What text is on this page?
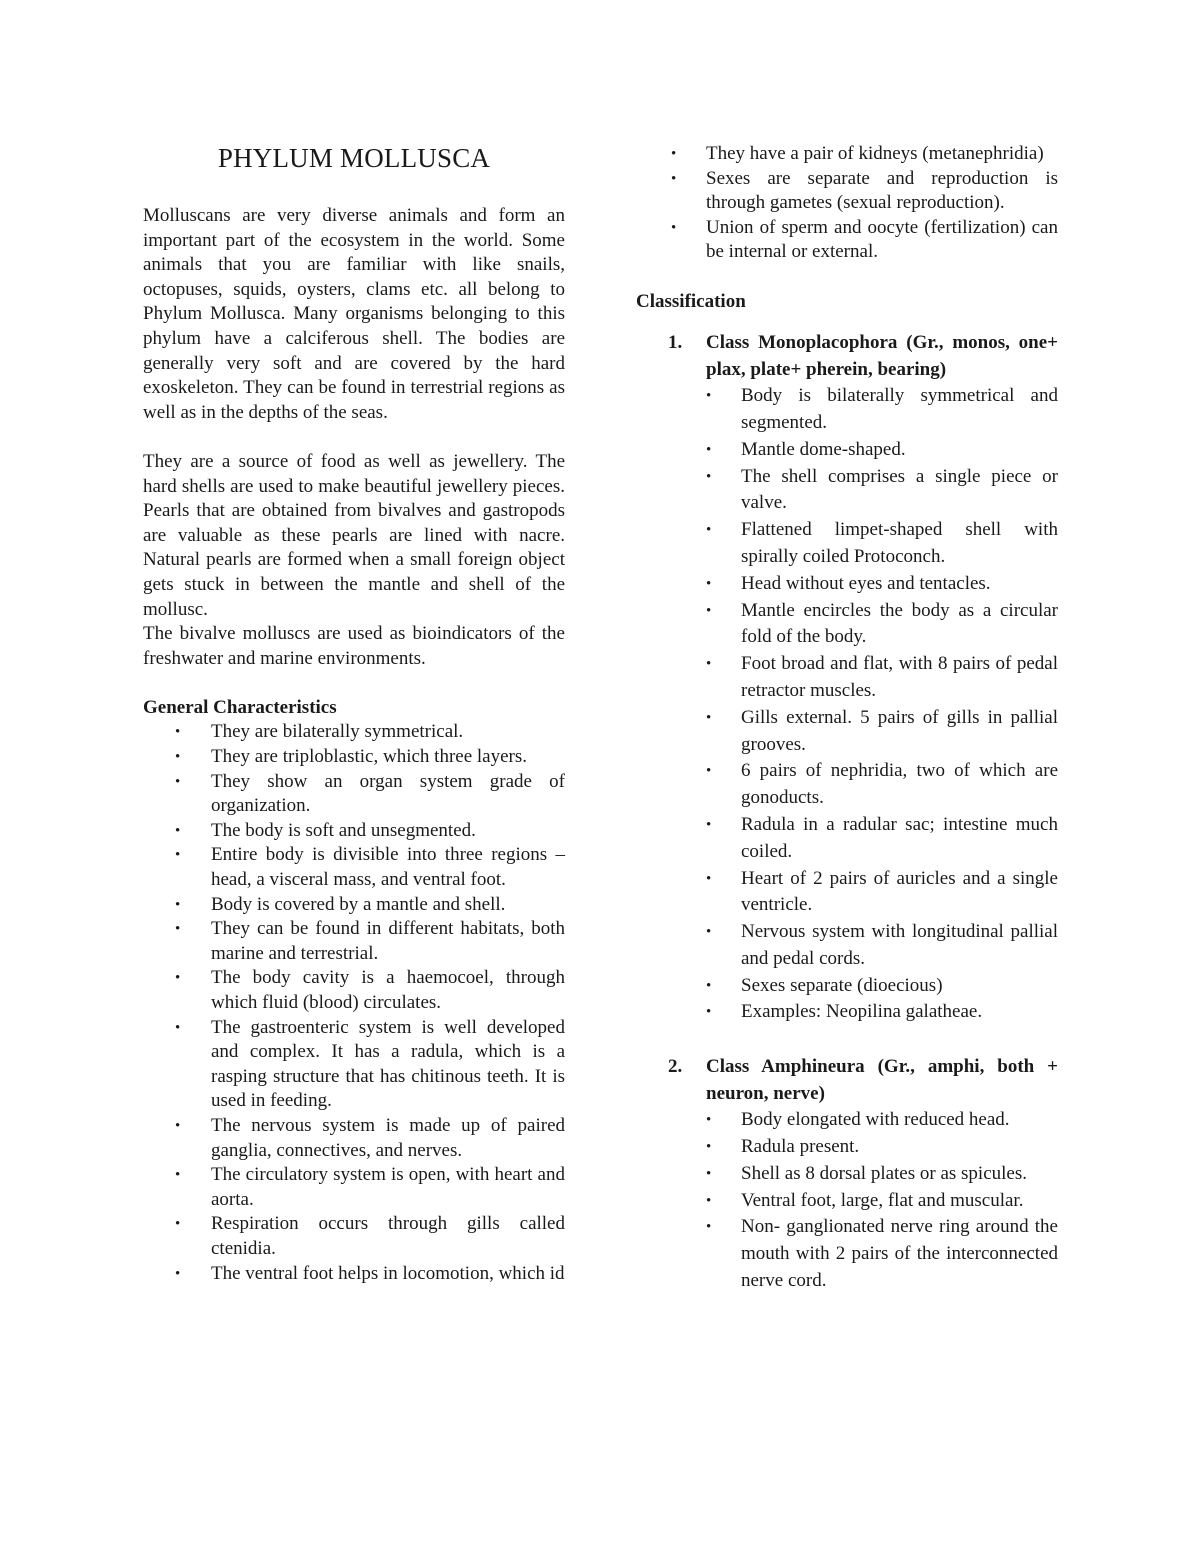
PHYLUM MOLLUSCA

Molluscans are very diverse animals and form an important part of the ecosystem in the world. Some animals that you are familiar with like snails, octopuses, squids, oysters, clams etc. all belong to Phylum Mollusca. Many organisms belonging to this phylum have a calciferous shell. The bodies are generally very soft and are covered by the hard exoskeleton. They can be found in terrestrial regions as well as in the depths of the seas.

They are a source of food as well as jewellery. The hard shells are used to make beautiful jewellery pieces. Pearls that are obtained from bivalves and gastropods are valuable as these pearls are lined with nacre. Natural pearls are formed when a small foreign object gets stuck in between the mantle and shell of the mollusc.

The bivalve molluscs are used as bioindicators of the freshwater and marine environments.

General Characteristics

• They are bilaterally symmetrical.
• They are triploblastic, which three layers.
• They show an organ system grade of organization.
• The body is soft and unsegmented.
• Entire body is divisible into three regions – head, a visceral mass, and ventral foot.
• Body is covered by a mantle and shell.
• They can be found in different habitats, both marine and terrestrial.
• The body cavity is a haemocoel, through which fluid (blood) circulates.
• The gastroenteric system is well developed and complex. It has a radula, which is a rasping structure that has chitinous teeth. It is used in feeding.
• The nervous system is made up of paired ganglia, connectives, and nerves.
• The circulatory system is open, with heart and aorta.
• Respiration occurs through gills called ctenidia.
• The ventral foot helps in locomotion, which id
• They have a pair of kidneys (metanephridia)
• Sexes are separate and reproduction is through gametes (sexual reproduction).
• Union of sperm and oocyte (fertilization) can be internal or external.

Classification

1. Class Monoplacophora (Gr., monos, one+ plax, plate+ pherein, bearing)
• Body is bilaterally symmetrical and segmented.
• Mantle dome-shaped.
• The shell comprises a single piece or valve.
• Flattened limpet-shaped shell with spirally coiled Protoconch.
• Head without eyes and tentacles.
• Mantle encircles the body as a circular fold of the body.
• Foot broad and flat, with 8 pairs of pedal retractor muscles.
• Gills external. 5 pairs of gills in pallial grooves.
• 6 pairs of nephridia, two of which are gonoducts.
• Radula in a radular sac; intestine much coiled.
• Heart of 2 pairs of auricles and a single ventricle.
• Nervous system with longitudinal pallial and pedal cords.
• Sexes separate (dioecious)
• Examples: Neopilina galatheae.
2. Class Amphineura (Gr., amphi, both + neuron, nerve)
• Body elongated with reduced head.
• Radula present.
• Shell as 8 dorsal plates or as spicules.
• Ventral foot, large, flat and muscular.
• Non- ganglionated nerve ring around the mouth with 2 pairs of the interconnected nerve cord.
